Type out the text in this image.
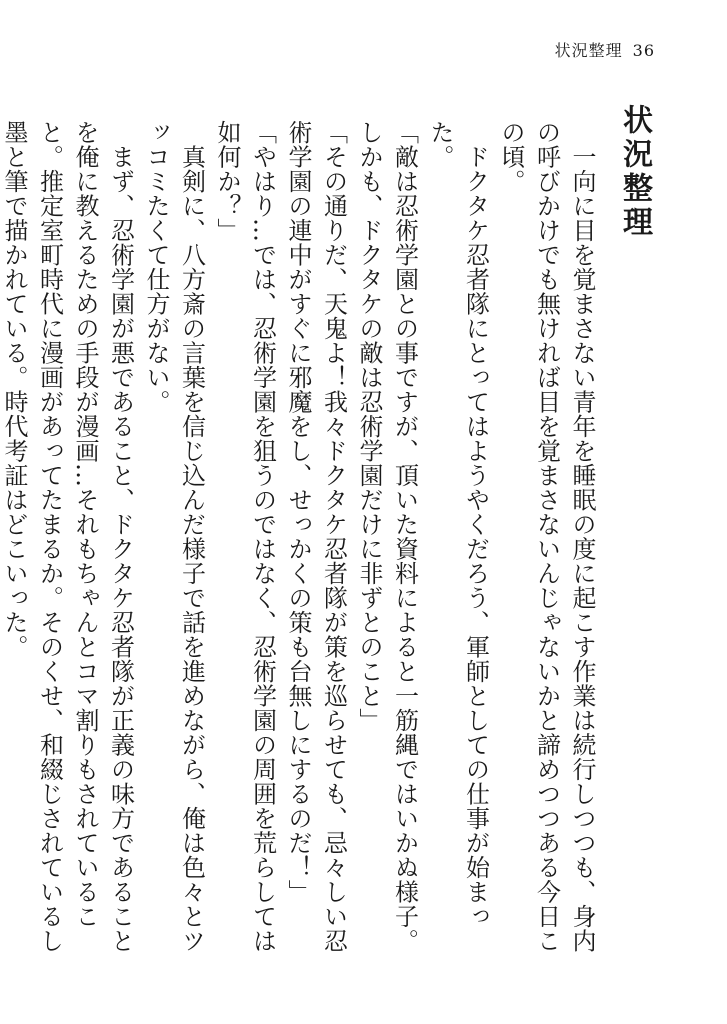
状況整理 36
状況整理

　一向に目を覚まさない青年を睡眠の度に起こす作業は続行しつつも、身内の呼びかけでも無ければ目を覚まさないんじゃないかと諦めつつある今日この頃。

　ドクタケ忍者隊にとってはようやくだろう、軍師としての仕事が始まった。

「敵は忍術学園との事ですが、頂いた資料によると一筋縄ではいかぬ様子。しかも、ドクタケの敵は忍術学園だけに非ずとのこと」

「その通りだ、天鬼よ！我々ドクタケ忍者隊が策を巡らせても、忌々しい忍術学園の連中がすぐに邪魔をし、せっかくの策も台無しにするのだ！」

「やはり…では、忍術学園を狙うのではなく、忍術学園の周囲を荒らしては如何か？」

　真剣に、八方斎の言葉を信じ込んだ様子で話を進めながら、俺は色々とツッコミたくて仕方がない。

　まず、忍術学園が悪であること、ドクタケ忍者隊が正義の味方であることを俺に教えるための手段が漫画…それもちゃんとコマ割りもされていること。推定室町時代に漫画があってたまるか。そのくせ、和綴じされているし墨と筆で描かれている。時代考証はどこいった。
